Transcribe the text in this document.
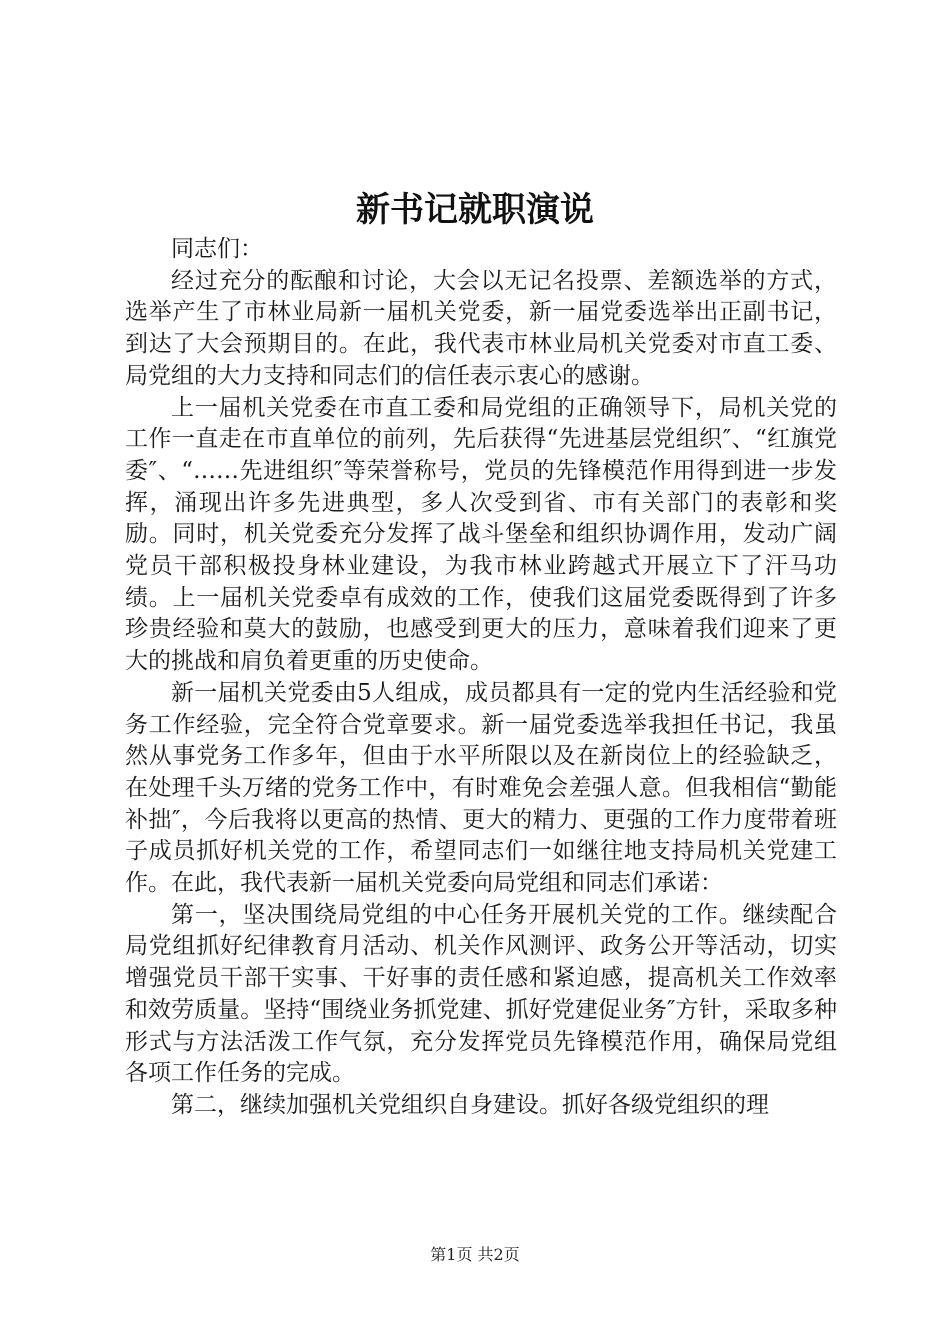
新书记就职演说

同志们：

经过充分的酝酿和讨论，大会以无记名投票、差额选举的方式，选举产生了市林业局新一届机关党委，新一届党委选举出正副书记，到达了大会预期目的。在此，我代表市林业局机关党委对市直工委、局党组的大力支持和同志们的信任表示衷心的感谢。

上一届机关党委在市直工委和局党组的正确领导下，局机关党的工作一直走在市直单位的前列，先后获得“先进基层党组织″、“红旗党委″、“……先进组织″等荣誉称号，党员的先锋模范作用得到进一步发挥，涌现出许多先进典型，多人次受到省、市有关部门的表彰和奖励。同时，机关党委充分发挥了战斗堡垒和组织协调作用，发动广阔党员干部积极投身林业建设，为我市林业跨越式开展立下了汗马功绩。上一届机关党委卓有成效的工作，使我们这届党委既得到了许多珍贵经验和莫大的鼓励，也感受到更大的压力，意味着我们迎来了更大的挑战和肩负着更重的历史使命。

新一届机关党委由5人组成，成员都具有一定的党内生活经验和党务工作经验，完全符合党章要求。新一届党委选举我担任书记，我虽然从事党务工作多年，但由于水平所限以及在新岗位上的经验缺乏，在处理千头万绪的党务工作中，有时难免会差强人意。但我相信“勤能补拙″，今后我将以更高的热情、更大的精力、更强的工作力度带着班子成员抓好机关党的工作，希望同志们一如继往地支持局机关党建工作。在此，我代表新一届机关党委向局党组和同志们承诺：

第一，坚决围绕局党组的中心任务开展机关党的工作。继续配合局党组抓好纪律教育月活动、机关作风测评、政务公开等活动，切实增强党员干部干实事、干好事的责任感和紧迫感，提高机关工作效率和效劳质量。坚持“围绕业务抓党建、抓好党建促业务″方针，采取多种形式与方法活泼工作气氛，充分发挥党员先锋模范作用，确保局党组各项工作任务的完成。

第二，继续加强机关党组织自身建设。抓好各级党组织的理

第1页 共2页
